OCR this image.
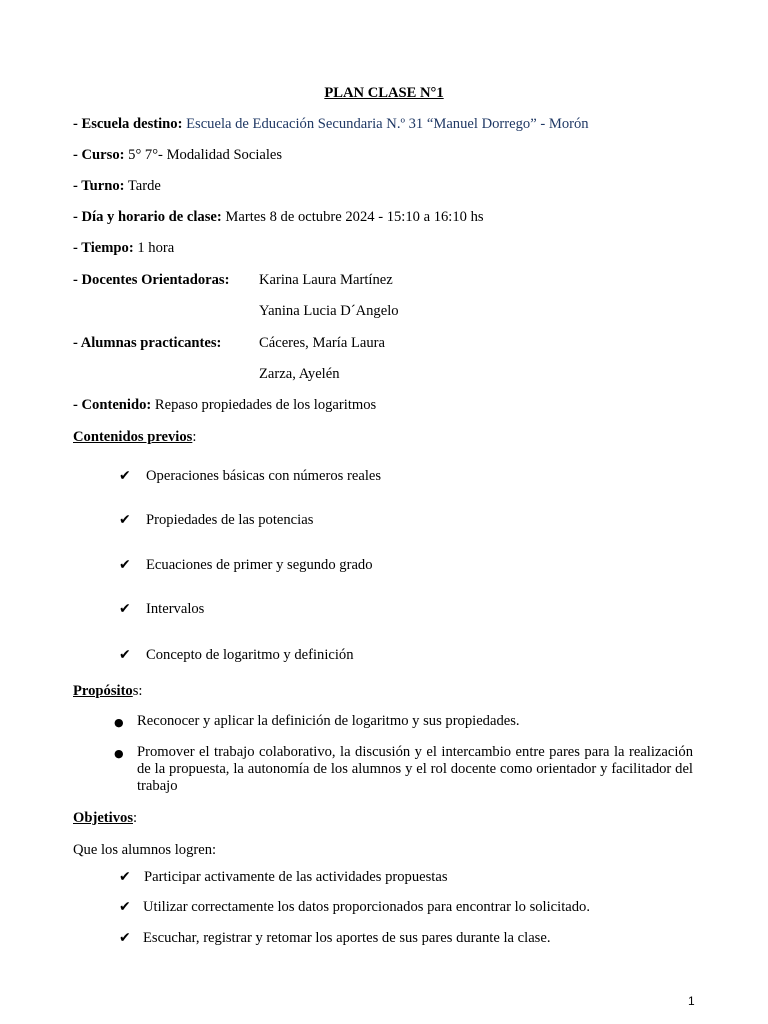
PLAN CLASE N°1
- Escuela destino: Escuela de Educación Secundaria N.º 31 “Manuel Dorrego” - Morón
- Curso: 5° 7°- Modalidad Sociales
- Turno: Tarde
- Día y horario de clase: Martes 8 de octubre 2024 - 15:10 a 16:10 hs
- Tiempo: 1 hora
- Docentes Orientadoras: Karina Laura Martínez
Yanina Lucia D´Angelo
- Alumnas practicantes:	Cáceres, María Laura
Zarza, Ayelén
- Contenido: Repaso propiedades de los logaritmos
Contenidos previos:
✔ Operaciones básicas con números reales
✔ Propiedades de las potencias
✔ Ecuaciones de primer y segundo grado
✔ Intervalos
✔ Concepto de logaritmo y definición
Propósitos:
● Reconocer y aplicar la definición de logaritmo y sus propiedades.
● Promover el trabajo colaborativo, la discusión y el intercambio entre pares para la realización de la propuesta, la autonomía de los alumnos y el rol docente como orientador y facilitador del trabajo
Objetivos:
Que los alumnos logren:
✔ Participar activamente de las actividades propuestas
✔ Utilizar correctamente los datos proporcionados para encontrar lo solicitado.
✔ Escuchar, registrar y retomar los aportes de sus pares durante la clase.
1
